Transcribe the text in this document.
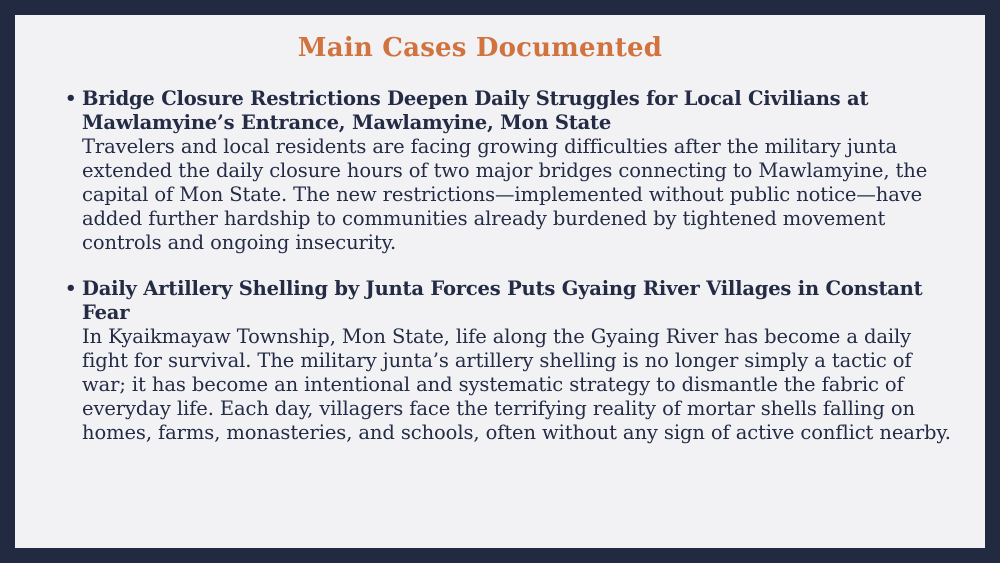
Main Cases Documented
• Bridge Closure Restrictions Deepen Daily Struggles for Local Civilians at Mawlamyine’s Entrance, Mawlamyine, Mon State
Travelers and local residents are facing growing difficulties after the military junta extended the daily closure hours of two major bridges connecting to Mawlamyine, the capital of Mon State. The new restrictions—implemented without public notice—have added further hardship to communities already burdened by tightened movement controls and ongoing insecurity.
• Daily Artillery Shelling by Junta Forces Puts Gyaing River Villages in Constant Fear
In Kyaikmayaw Township, Mon State, life along the Gyaing River has become a daily fight for survival. The military junta’s artillery shelling is no longer simply a tactic of war; it has become an intentional and systematic strategy to dismantle the fabric of everyday life. Each day, villagers face the terrifying reality of mortar shells falling on homes, farms, monasteries, and schools, often without any sign of active conflict nearby.
